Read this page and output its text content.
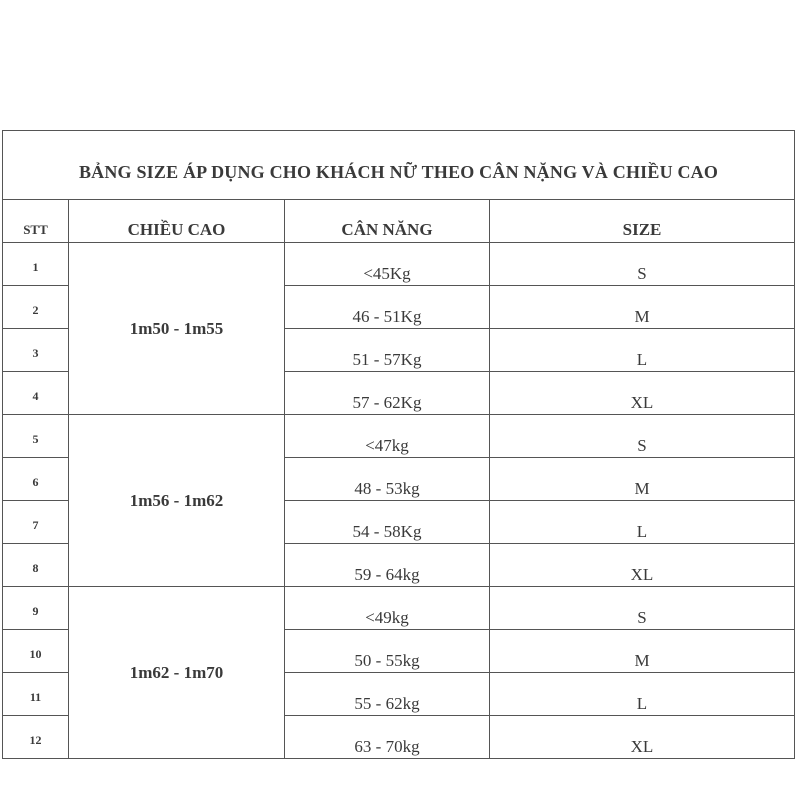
BẢNG SIZE ÁP DỤNG CHO KHÁCH NỮ THEO CÂN NẶNG VÀ CHIỀU CAO			
STT	CHIỀU CAO	CÂN NĂNG	SIZE
1	1m50 - 1m55	<45Kg	S
2		46 - 51Kg	M
3		51 - 57Kg	L
4		57 - 62Kg	XL
5	1m56 - 1m62	<47kg	S
6		48 - 53kg	M
7		54 - 58Kg	L
8		59 - 64kg	XL
9	1m62 - 1m70	<49kg	S
10		50 - 55kg	M
11		55 - 62kg	L
12		63 - 70kg	XL
